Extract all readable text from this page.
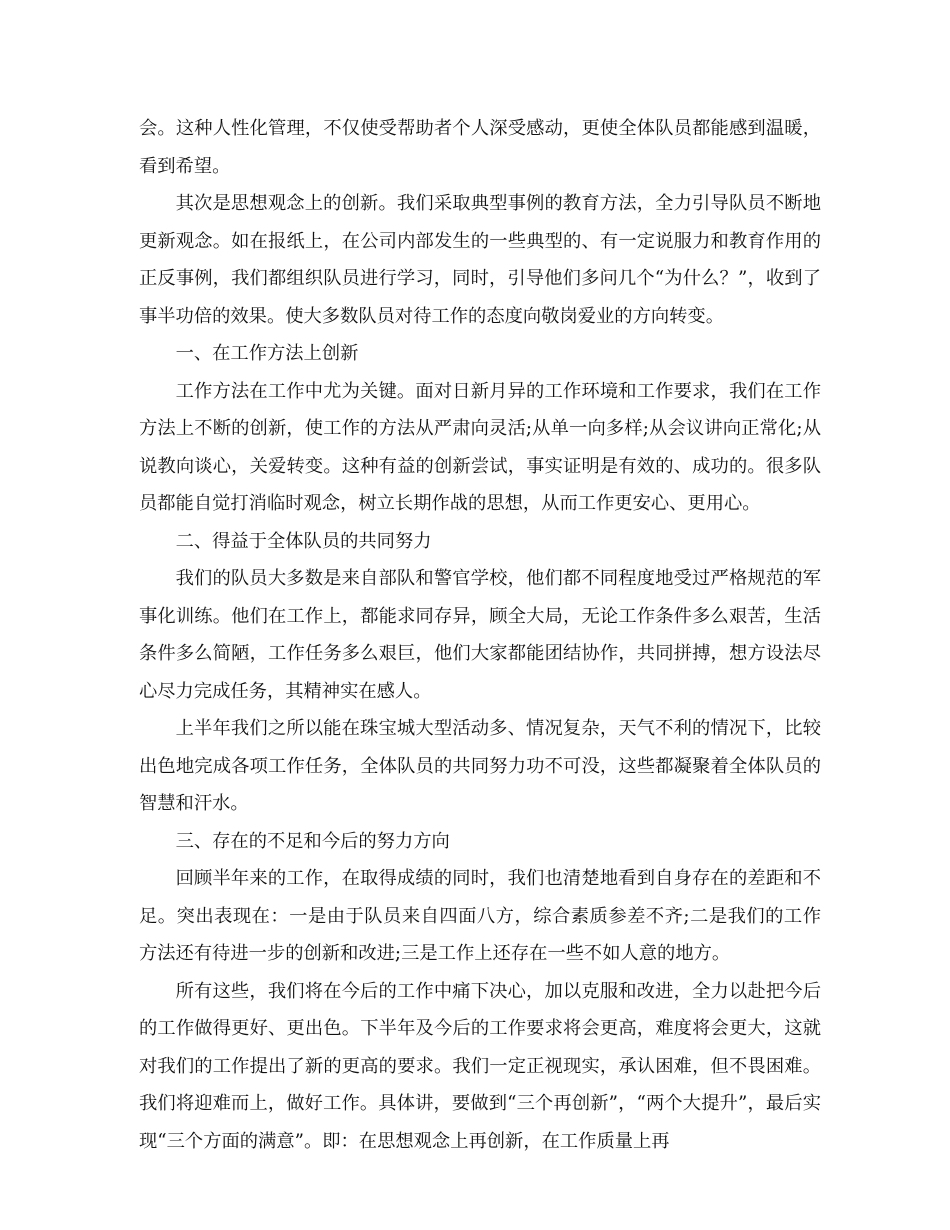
会。这种人性化管理，不仅使受帮助者个人深受感动，更使全体队员都能感到温暖，看到希望。

其次是思想观念上的创新。我们采取典型事例的教育方法，全力引导队员不断地更新观念。如在报纸上，在公司内部发生的一些典型的、有一定说服力和教育作用的正反事例，我们都组织队员进行学习，同时，引导他们多问几个“为什么？”，收到了事半功倍的效果。使大多数队员对待工作的态度向敬岗爱业的方向转变。

一、在工作方法上创新

工作方法在工作中尤为关键。面对日新月异的工作环境和工作要求，我们在工作方法上不断的创新，使工作的方法从严肃向灵活;从单一向多样;从会议讲向正常化;从说教向谈心，关爱转变。这种有益的创新尝试，事实证明是有效的、成功的。很多队员都能自觉打消临时观念，树立长期作战的思想，从而工作更安心、更用心。

二、得益于全体队员的共同努力

我们的队员大多数是来自部队和警官学校，他们都不同程度地受过严格规范的军事化训练。他们在工作上，都能求同存异，顾全大局，无论工作条件多么艰苦，生活条件多么简陋，工作任务多么艰巨，他们大家都能团结协作，共同拼搏，想方设法尽心尽力完成任务，其精神实在感人。

上半年我们之所以能在珠宝城大型活动多、情况复杂，天气不利的情况下，比较出色地完成各项工作任务，全体队员的共同努力功不可没，这些都凝聚着全体队员的智慧和汗水。

三、存在的不足和今后的努力方向

回顾半年来的工作，在取得成绩的同时，我们也清楚地看到自身存在的差距和不足。突出表现在：一是由于队员来自四面八方，综合素质参差不齐;二是我们的工作方法还有待进一步的创新和改进;三是工作上还存在一些不如人意的地方。

所有这些，我们将在今后的工作中痛下决心，加以克服和改进，全力以赴把今后的工作做得更好、更出色。下半年及今后的工作要求将会更高，难度将会更大，这就对我们的工作提出了新的更高的要求。我们一定正视现实，承认困难，但不畏困难。我们将迎难而上，做好工作。具体讲，要做到“三个再创新”，“两个大提升”，最后实现“三个方面的满意”。即：在思想观念上再创新，在工作质量上再
